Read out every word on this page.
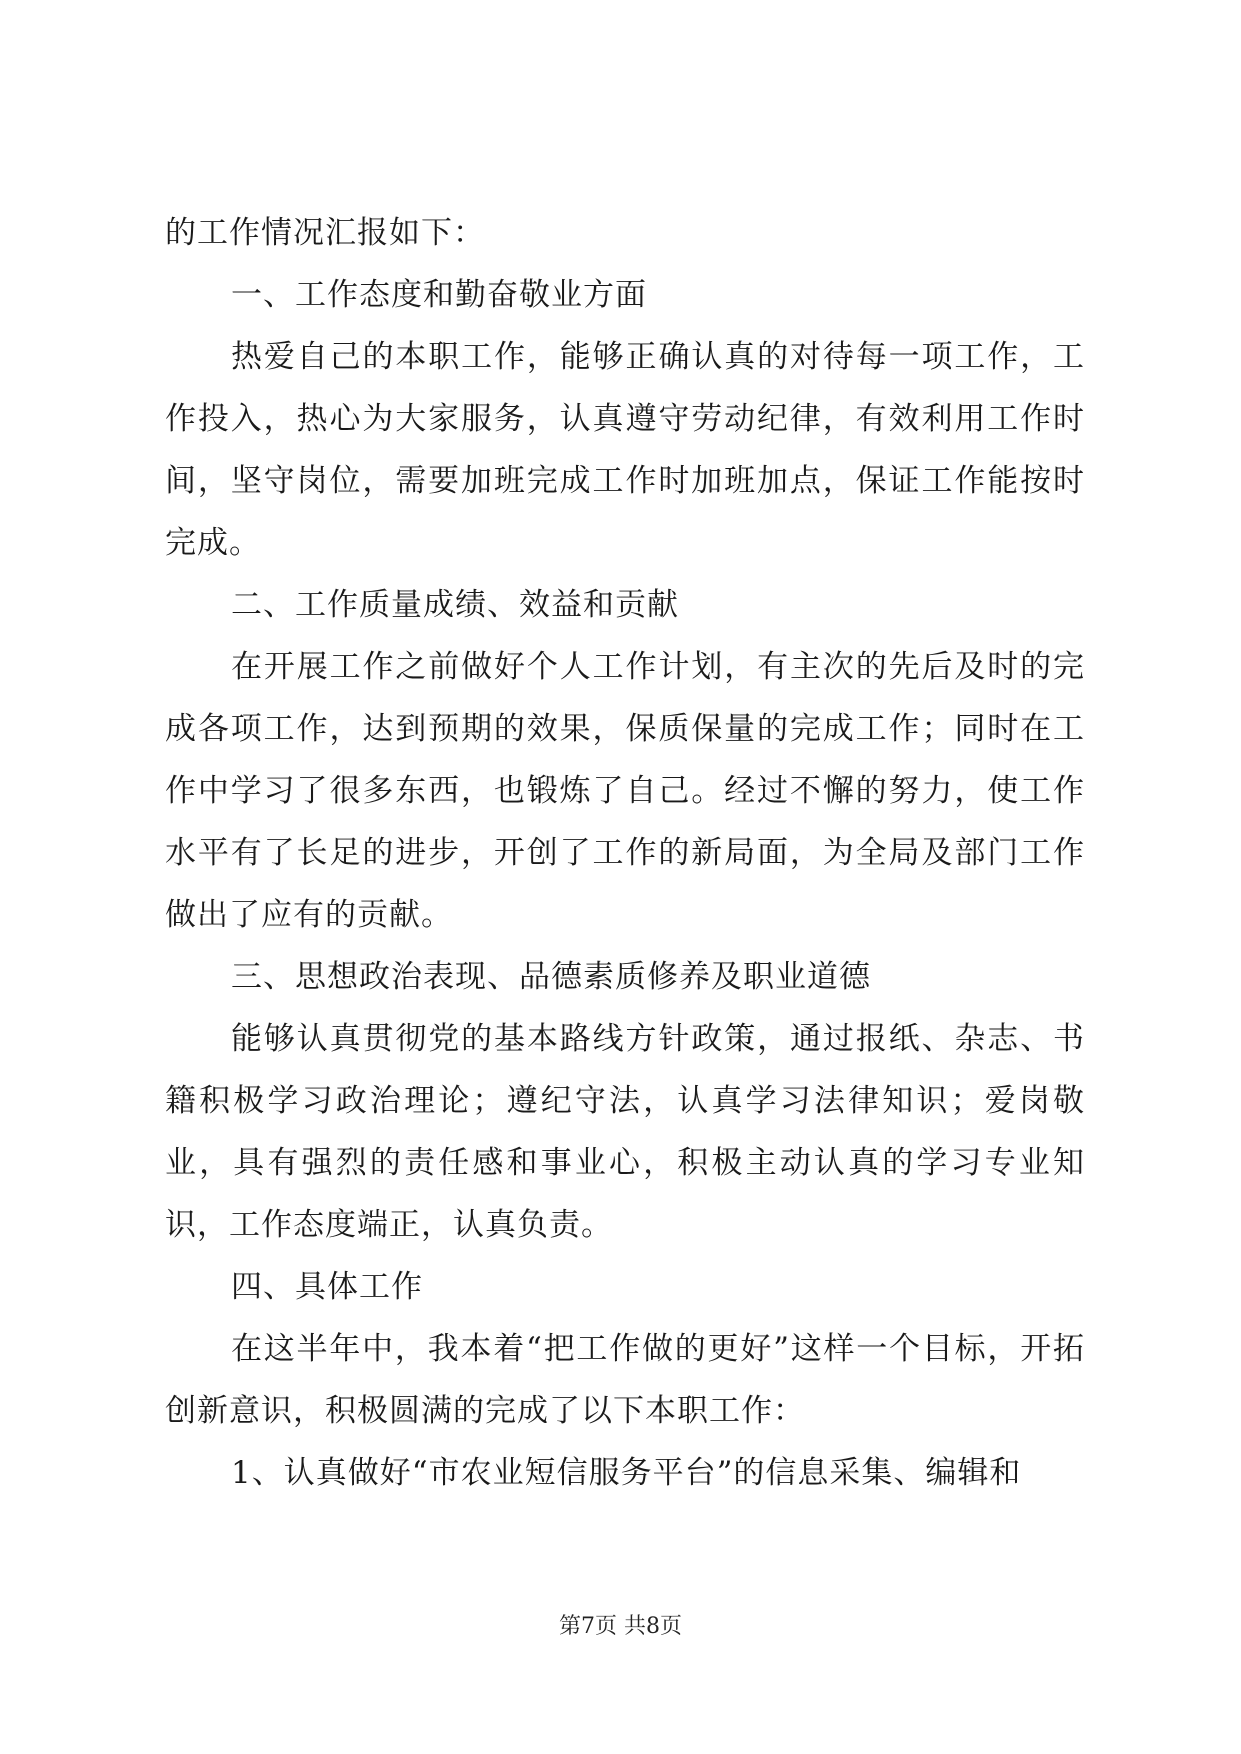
的工作情况汇报如下：

一、工作态度和勤奋敬业方面

热爱自己的本职工作，能够正确认真的对待每一项工作，工作投入，热心为大家服务，认真遵守劳动纪律，有效利用工作时间，坚守岗位，需要加班完成工作时加班加点，保证工作能按时完成。

二、工作质量成绩、效益和贡献

在开展工作之前做好个人工作计划，有主次的先后及时的完成各项工作，达到预期的效果，保质保量的完成工作；同时在工作中学习了很多东西，也锻炼了自己。经过不懈的努力，使工作水平有了长足的进步，开创了工作的新局面，为全局及部门工作做出了应有的贡献。

三、思想政治表现、品德素质修养及职业道德

能够认真贯彻党的基本路线方针政策，通过报纸、杂志、书籍积极学习政治理论；遵纪守法，认真学习法律知识；爱岗敬业，具有强烈的责任感和事业心，积极主动认真的学习专业知识，工作态度端正，认真负责。

四、具体工作

在这半年中，我本着“把工作做的更好”这样一个目标，开拓创新意识，积极圆满的完成了以下本职工作：

1、认真做好“市农业短信服务平台”的信息采集、编辑和

第7页 共8页
